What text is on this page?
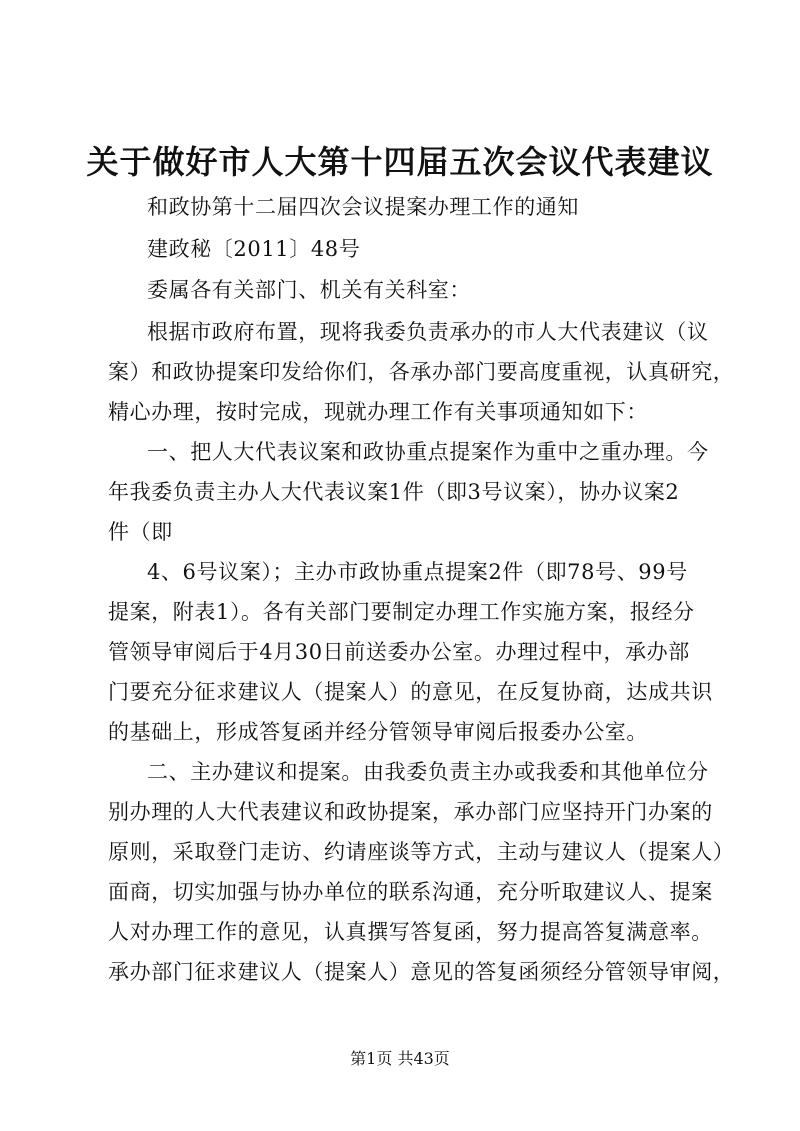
关于做好市人大第十四届五次会议代表建议
和政协第十二届四次会议提案办理工作的通知
建政秘〔2011〕48号
委属各有关部门、机关有关科室：
根据市政府布置，现将我委负责承办的市人大代表建议（议
案）和政协提案印发给你们，各承办部门要高度重视，认真研究，
精心办理，按时完成，现就办理工作有关事项通知如下：
一、把人大代表议案和政协重点提案作为重中之重办理。今
年我委负责主办人大代表议案1件（即3号议案），协办议案2
件（即
4、6号议案）；主办市政协重点提案2件（即78号、99号
提案，附表1）。各有关部门要制定办理工作实施方案，报经分
管领导审阅后于4月30日前送委办公室。办理过程中，承办部
门要充分征求建议人（提案人）的意见，在反复协商，达成共识
的基础上，形成答复函并经分管领导审阅后报委办公室。
二、主办建议和提案。由我委负责主办或我委和其他单位分
别办理的人大代表建议和政协提案，承办部门应坚持开门办案的
原则，采取登门走访、约请座谈等方式，主动与建议人（提案人）
面商，切实加强与协办单位的联系沟通，充分听取建议人、提案
人对办理工作的意见，认真撰写答复函，努力提高答复满意率。
承办部门征求建议人（提案人）意见的答复函须经分管领导审阅，
第1页 共43页
